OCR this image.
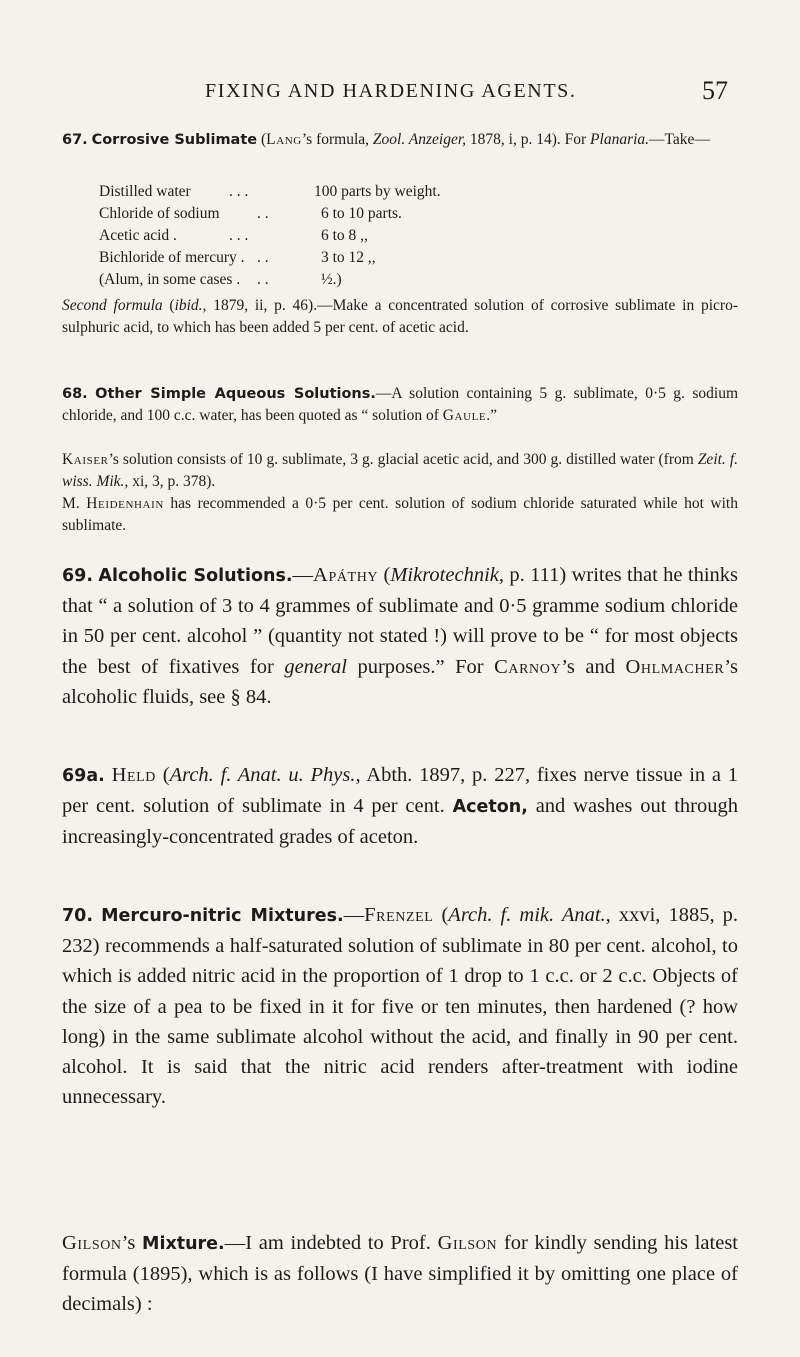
FIXING AND HARDENING AGENTS.	57

67. Corrosive Sublimate (Lang’s formula, Zool. Anzeiger, 1878, i, p. 14). For Planaria.—Take—

Distilled water . . .	100 parts by weight.
Chloride of sodium . .	6 to 10 parts.
Acetic acid .	. . .	6 to 8 ,,
Bichloride of mercury . . .	3 to 12 ,,
(Alum, in some cases . . .	½.)

Second formula (ibid., 1879, ii, p. 46).—Make a concentrated solution of corrosive sublimate in picro-sulphuric acid, to which has been added 5 per cent. of acetic acid.

68. Other Simple Aqueous Solutions.—A solution containing 5 g. sublimate, 0·5 g. sodium chloride, and 100 c.c. water, has been quoted as “ solution of Gaule.”

Kaiser’s solution consists of 10 g. sublimate, 3 g. glacial acetic acid, and 300 g. distilled water (from Zeit. f. wiss. Mik., xi, 3, p. 378).

M. Heidenhain has recommended a 0·5 per cent. solution of sodium chloride saturated while hot with sublimate.

69. Alcoholic Solutions.—Apáthy (Mikrotechnik, p. 111) writes that he thinks that “ a solution of 3 to 4 grammes of sublimate and 0·5 gramme sodium chloride in 50 per cent. alcohol ” (quantity not stated !) will prove to be “ for most objects the best of fixatives for general purposes.” For Carnoy’s and Ohlmacher’s alcoholic fluids, see § 84.

69a. Held (Arch. f. Anat. u. Phys., Abth. 1897, p. 227, fixes nerve tissue in a 1 per cent. solution of sublimate in 4 per cent. Aceton, and washes out through increasingly-concentrated grades of aceton.

70. Mercuro-nitric Mixtures.—Frenzel (Arch. f. mik. Anat., xxvi, 1885, p. 232) recommends a half-saturated solution of sublimate in 80 per cent. alcohol, to which is added nitric acid in the proportion of 1 drop to 1 c.c. or 2 c.c. Objects of the size of a pea to be fixed in it for five or ten minutes, then hardened (? how long) in the same sublimate alcohol without the acid, and finally in 90 per cent. alcohol. It is said that the nitric acid renders after-treatment with iodine unnecessary.

Gilson’s Mixture.—I am indebted to Prof. Gilson for kindly sending his latest formula (1895), which is as follows (I have simplified it by omitting one place of decimals) :
